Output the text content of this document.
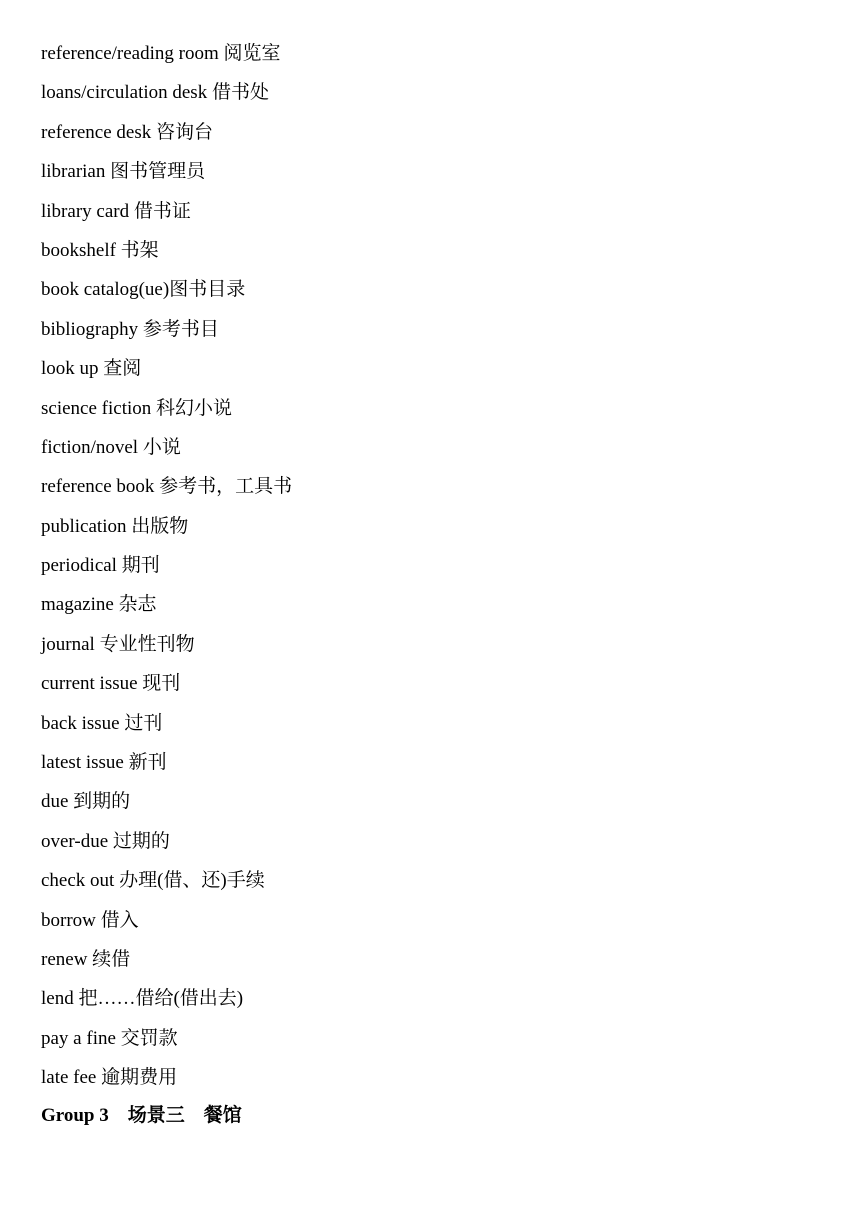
reference/reading room 阅览室
loans/circulation desk 借书处
reference desk 咨询台
librarian 图书管理员
library card 借书证
bookshelf 书架
book catalog(ue)图书目录
bibliography 参考书目
look up 查阅
science fiction 科幻小说
fiction/novel 小说
reference book 参考书，工具书
publication 出版物
periodical 期刊
magazine 杂志
journal 专业性刊物
current issue 现刊
back issue 过刊
latest issue 新刊
due 到期的
over-due 过期的
check out 办理(借、还)手续
borrow 借入
renew 续借
lend 把……借给(借出去)
pay a fine 交罚款
late fee 逾期费用
Group 3　场景三　餐馆
